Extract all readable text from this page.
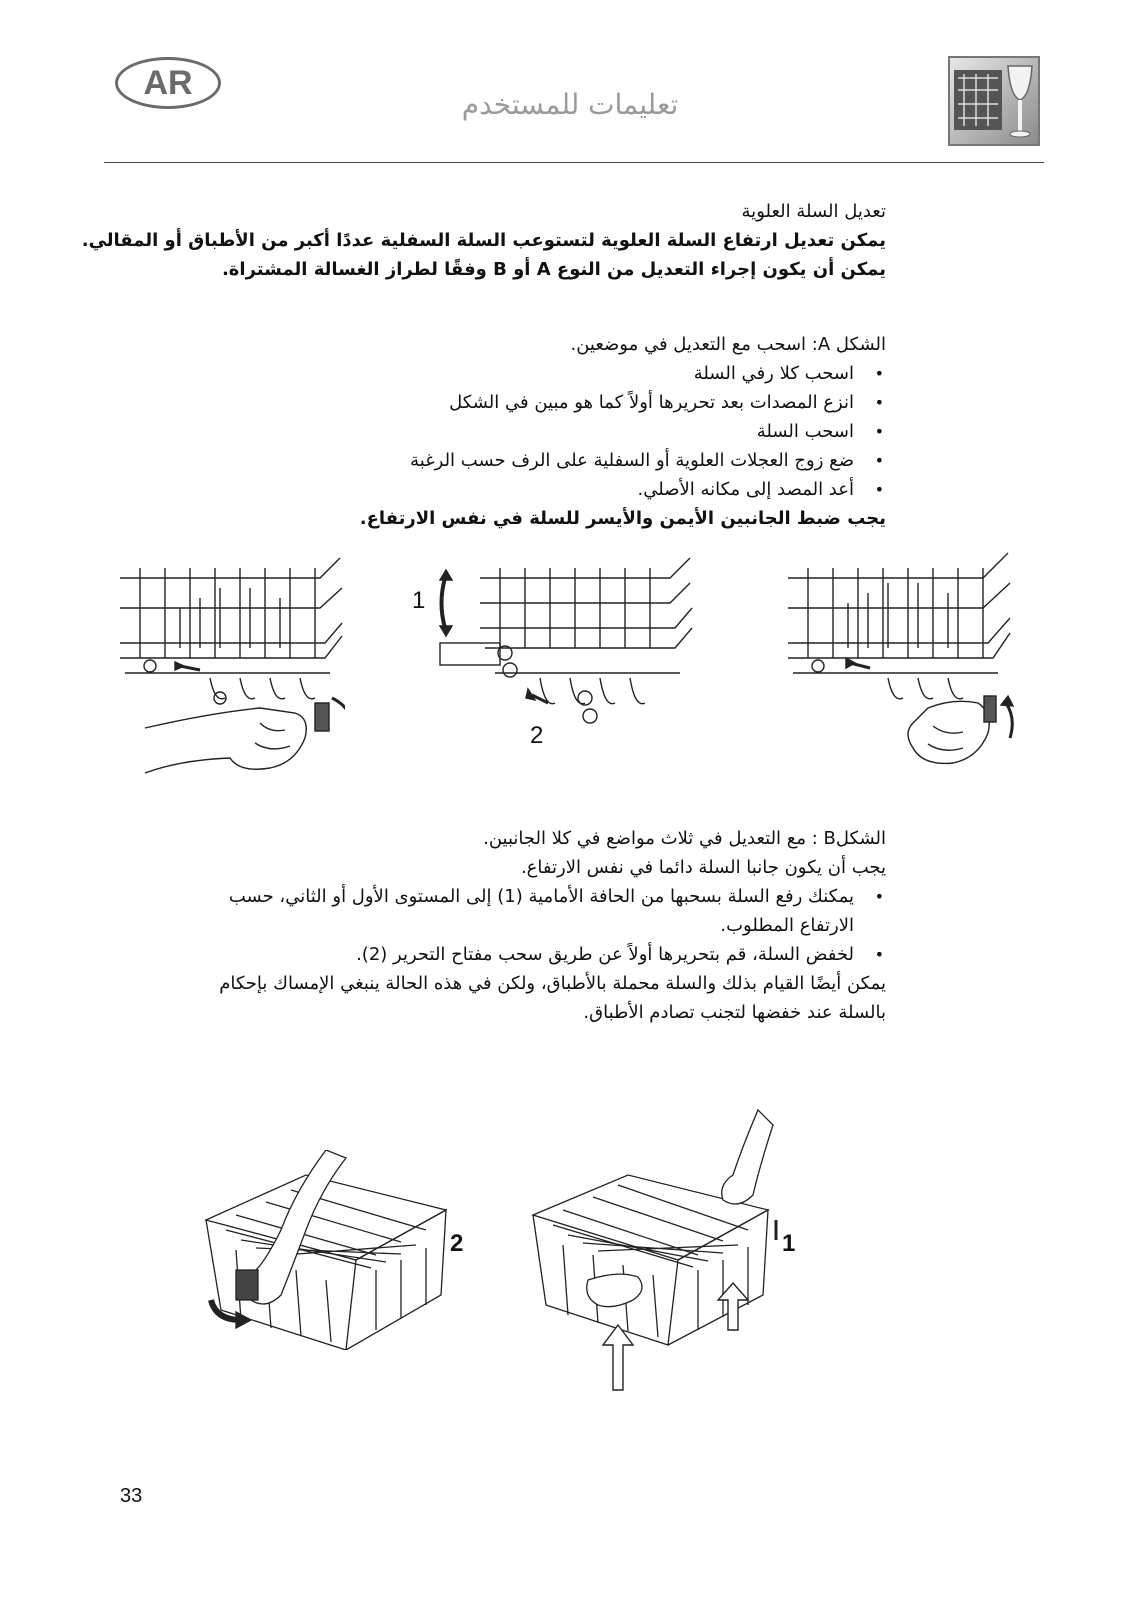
AR
تعليمات للمستخدم
تعديل السلة العلوية
يمكن تعديل ارتفاع السلة العلوية لتستوعب السلة السفلية عددًا أكبر من الأطباق أو المقالي.
يمكن أن يكون إجراء التعديل من النوع A أو B وفقًا لطراز الغسالة المشتراة.
الشكل A: اسحب مع التعديل في موضعين.
• اسحب كلا رفي السلة
• انزع المصدات بعد تحريرها أولاً كما هو مبين في الشكل
• اسحب السلة
• ضع زوج العجلات العلوية أو السفلية على الرف حسب الرغبة
• أعد المصد إلى مكانه الأصلي.
يجب ضبط الجانبين الأيمن والأيسر للسلة في نفس الارتفاع.
1
2
الشكلB : مع التعديل في ثلاث مواضع في كلا الجانبين.
يجب أن يكون جانبا السلة دائما في نفس الارتفاع.
• يمكنك رفع السلة بسحبها من الحافة الأمامية (1) إلى المستوى الأول أو الثاني، حسب
الارتفاع المطلوب.
• لخفض السلة، قم بتحريرها أولاً عن طريق سحب مفتاح التحرير (2).
يمكن أيضًا القيام بذلك والسلة محملة بالأطباق، ولكن في هذه الحالة ينبغي الإمساك بإحكام
بالسلة عند خفضها لتجنب تصادم الأطباق.
2	1
33
